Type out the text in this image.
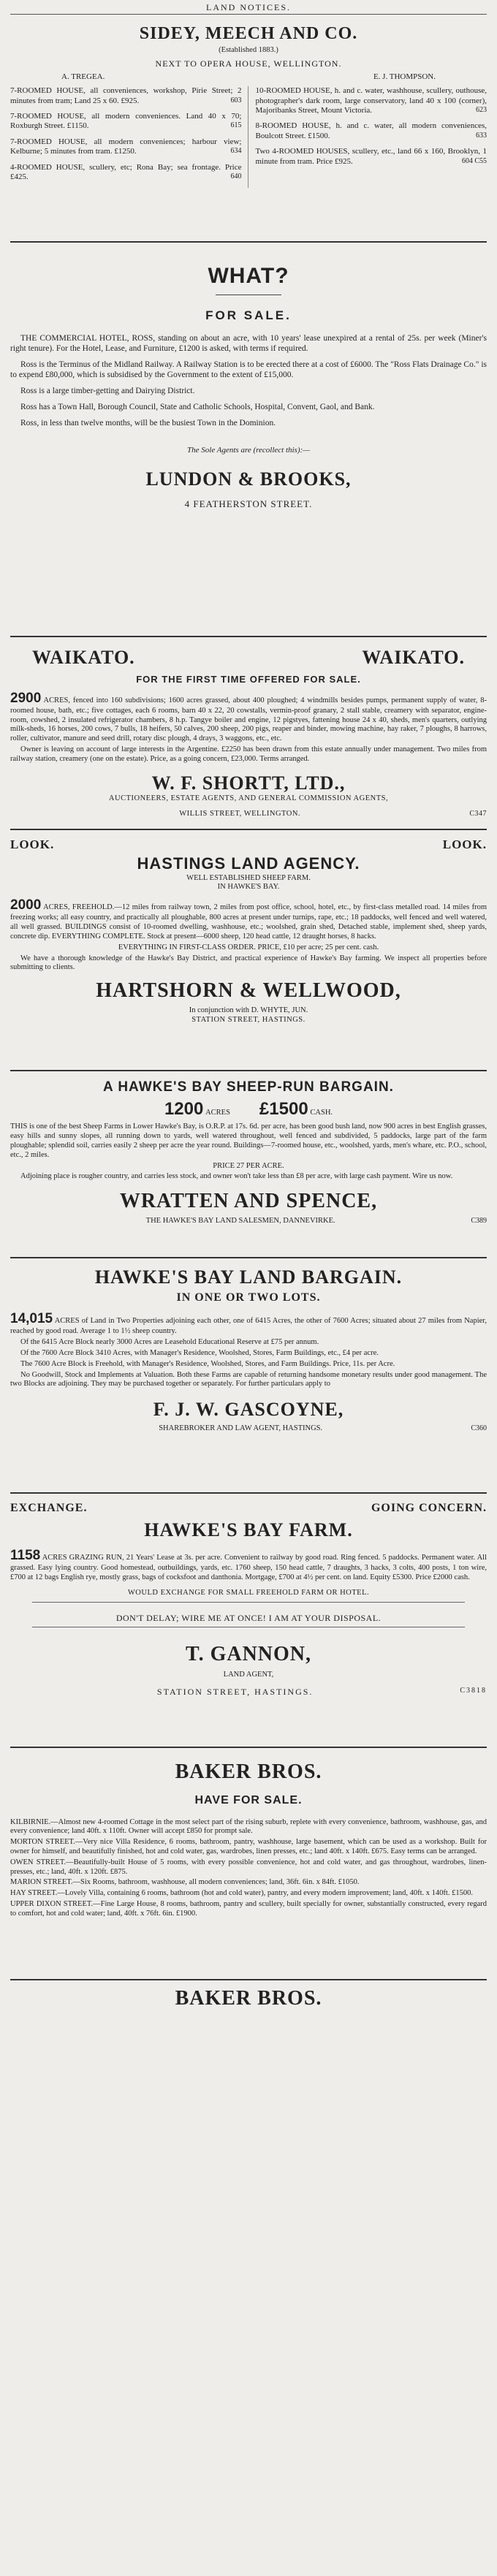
LAND NOTICES.
SIDEY, MEECH AND CO.
(Established 1883.)
NEXT TO OPERA HOUSE, WELLINGTON.
A. TREGEA.	E. J. THOMPSON.
7-ROOMED HOUSE, all conveniences, workshop, Pirie Street; 2 minutes from tram; Land 25 x 60. £925.	603
7-ROOMED HOUSE, all modern conveniences. Land 40 x 70; Roxburgh Street. £1150.	615
7-ROOMED HOUSE, all modern conveniences; harbour view; Kelburne; 5 minutes from tram. £1250.	634
4-ROOMED HOUSE, scullery, etc; Rona Bay; sea frontage. Price £425.	640
10-ROOMED HOUSE, h. and c. water, washhouse, scullery, outhouse, photographer's dark room, large conservatory, land 40 x 100 (corner), Majoribanks Street, Mount Victoria.	623
8-ROOMED HOUSE, h. and c. water, all modern conveniences, Boulcott Street. £1500.	633
Two 4-ROOMED HOUSES, scullery, etc., land 66 x 160, Brooklyn, 1 minute from tram. Price £925.	604 C55
WHAT?
FOR SALE.
THE COMMERCIAL HOTEL, ROSS, standing on about an acre, with 10 years' lease unexpired at a rental of 25s. per week (Miner's right tenure). For the Hotel, Lease, and Furniture, £1200 is asked, with terms if required.
Ross is the Terminus of the Midland Railway. A Railway Station is to be erected there at a cost of £6000. The "Ross Flats Drainage Co." is to expend £80,000, which is subsidised by the Government to the extent of £15,000.
Ross is a large timber-getting and Dairying District.
Ross has a Town Hall, Borough Council, State and Catholic Schools, Hospital, Convent, Gaol, and Bank.
Ross, in less than twelve months, will be the busiest Town in the Dominion.
The Sole Agents are (recollect this):—
LUNDON & BROOKS,
4 FEATHERSTON STREET.
WAIKATO.	WAIKATO.
FOR THE FIRST TIME OFFERED FOR SALE.
2900 ACRES, fenced into 160 subdivisions; 1600 acres grassed, about 400 ploughed; 4 windmills besides pumps, permanent supply of water, 8-roomed house, bath, etc.; five cottages, each 6 rooms, barn 40 x 22, 20 cowstalls, vermin-proof granary, 2 stall stable, creamery with separator, engine-room, cowshed, 2 insulated refrigerator chambers, 8 h.p. Tangye boiler and engine, 12 pigstyes, fattening house 24 x 40, sheds, men's quarters, outlying milk-sheds, 16 horses, 200 cows, 7 bulls, 18 heifers, 50 calves, 200 sheep, 200 pigs, reaper and binder, mowing machine, hay raker, 7 ploughs, 8 harrows, roller, cultivator, manure and seed drill, rotary disc plough, 4 drays, 3 waggons, etc., etc.
Owner is leaving on account of large interests in the Argentine. £2250 has been drawn from this estate annually under management. Two miles from railway station, creamery (one on the estate). Price, as a going concern, £23,000. Terms arranged.
W. F. SHORTT, LTD.,
AUCTIONEERS, ESTATE AGENTS, AND GENERAL COMMISSION AGENTS,
WILLIS STREET, WELLINGTON.	C347
LOOK.	LOOK.
HASTINGS LAND AGENCY.
WELL ESTABLISHED SHEEP FARM.
IN HAWKE'S BAY.
2000 ACRES, FREEHOLD.—12 miles from railway town, 2 miles from post office, school, hotel, etc., by first-class metalled road. 14 miles from freezing works; all easy country, and practically all ploughable, 800 acres at present under turnips, rape, etc.; 18 paddocks, well fenced and well watered, all well grassed. BUILDINGS consist of 10-roomed dwelling, washhouse, etc.; woolshed, grain shed, Detached stable, implement shed, sheep yards, concrete dip. EVERYTHING COMPLETE. Stock at present—6000 sheep, 120 head cattle, 12 draught horses, 8 hacks.
EVERYTHING IN FIRST-CLASS ORDER. PRICE, £10 per acre; 25 per cent. cash.
We have a thorough knowledge of the Hawke's Bay District, and practical experience of Hawke's Bay farming. We inspect all properties before submitting to clients.
HARTSHORN & WELLWOOD,
In conjunction with D. WHYTE, JUN.
STATION STREET, HASTINGS.
A HAWKE'S BAY SHEEP-RUN BARGAIN.
1200 ACRES £1500 CASH.
THIS is one of the best Sheep Farms in Lower Hawke's Bay, is O.R.P. at 17s. 6d. per acre, has been good bush land, now 900 acres in best English grasses, easy hills and sunny slopes, all running down to yards, well watered throughout, well fenced and subdivided, 5 paddocks, large part of the farm ploughable; splendid soil, carries easily 2 sheep per acre the year round. Buildings—7-roomed house, etc., woolshed, yards, men's whare, etc. P.O., school, etc., 2 miles.
PRICE 27 PER ACRE.
Adjoining place is rougher country, and carries less stock, and owner won't take less than £8 per acre, with large cash payment. Wire us now.
WRATTEN AND SPENCE,
THE HAWKE'S BAY LAND SALESMEN, DANNEVIRKE.	C389
HAWKE'S BAY LAND BARGAIN.
IN ONE OR TWO LOTS.
14,015 ACRES of Land in Two Properties adjoining each other, one of 6415 Acres, the other of 7600 Acres; situated about 27 miles from Napier, reached by good road. Average 1 to 1½ sheep country.
Of the 6415 Acre Block nearly 3000 Acres are Leasehold Educational Reserve at £75 per annum.
Of the 7600 Acre Block 3410 Acres, with Manager's Residence, Woolshed, Stores, Farm Buildings, etc., £4 per acre.
The 7600 Acre Block is Freehold, with Manager's Residence, Woolshed, Stores, and Farm Buildings. Price, 11s. per Acre.
No Goodwill, Stock and Implements at Valuation. Both these Farms are capable of returning handsome monetary results under good management. The two Blocks are adjoining. They may be purchased together or separately. For further particulars apply to
F. J. W. GASCOYNE,
SHAREBROKER AND LAW AGENT, HASTINGS.	C360
EXCHANGE.	GOING CONCERN.
HAWKE'S BAY FARM.
1158 ACRES GRAZING RUN, 21 Years' Lease at 3s. per acre. Convenient to railway by good road. Ring fenced. 5 paddocks. Permanent water. All grassed. Easy lying country. Good homestead, outbuildings, yards, etc. 1760 sheep, 150 head cattle, 7 draughts, 3 hacks, 3 colts, 400 posts, 1 ton wire, £700 at 12 bags English rye, mostly grass, bags of cocksfoot and danthonia. Mortgage, £700 at 4½ per cent. on land. Equity £5300. Price £2000 cash.
WOULD EXCHANGE FOR SMALL FREEHOLD FARM OR HOTEL.
DON'T DELAY; WIRE ME AT ONCE! I AM AT YOUR DISPOSAL.
T. GANNON,
LAND AGENT,
STATION STREET, HASTINGS.	C3818
BAKER BROS.
HAVE FOR SALE.
KILBIRNIE.—Almost new 4-roomed Cottage in the most select part of the rising suburb, replete with every convenience, bathroom, washhouse, gas, and every convenience; land 40ft. x 110ft. Owner will accept £850 for prompt sale.
MORTON STREET.—Very nice Villa Residence, 6 rooms, bathroom, pantry, washhouse, large basement, which can be used as a workshop. Built for owner for himself, and beautifully finished, hot and cold water, gas, wardrobes, linen presses, etc.; land 40ft. x 140ft. £675. Easy terms can be arranged.
OWEN STREET.—Beautifully-built House of 5 rooms, with every possible convenience, hot and cold water, and gas throughout, wardrobes, linen-presses, etc.; land, 40ft. x 120ft. £875.
MARION STREET.—Six Rooms, bathroom, washhouse, all modern conveniences; land, 36ft. 6in. x 84ft. £1050.
HAY STREET.—Lovely Villa, containing 6 rooms, bathroom (hot and cold water), pantry, and every modern improvement; land, 40ft. x 140ft. £1500.
UPPER DIXON STREET.—Fine Large House, 8 rooms, bathroom, pantry and scullery, built specially for owner, substantially constructed, every regard to comfort, hot and cold water; land, 40ft. x 76ft. 6in. £1900.
BAKER BROS.
